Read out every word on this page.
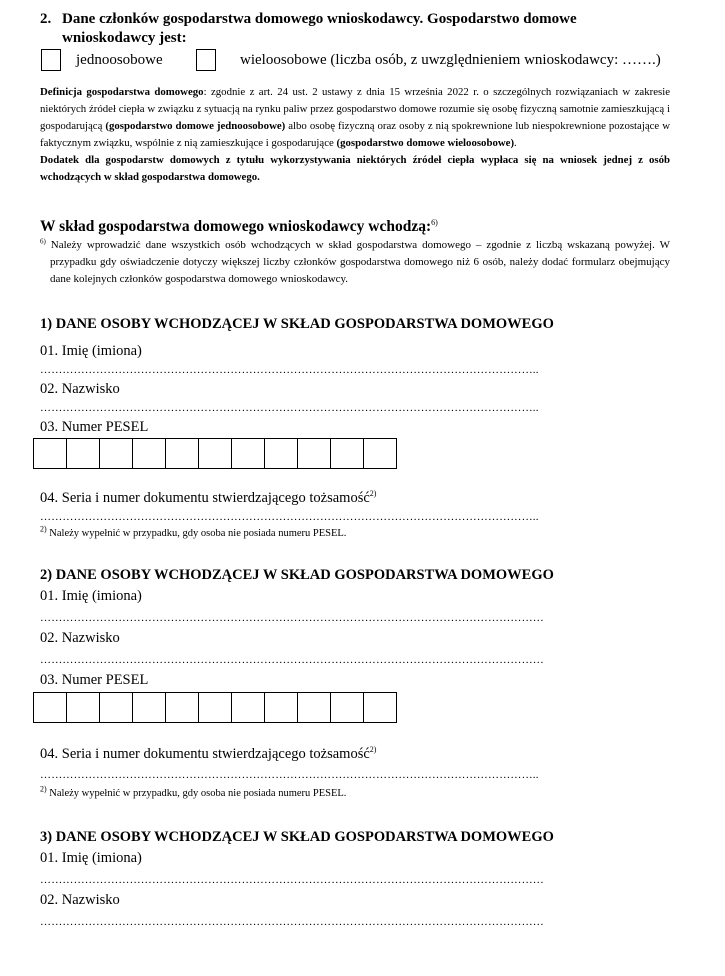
2. Dane członków gospodarstwa domowego wnioskodawcy. Gospodarstwo domowe
wnioskodawcy jest:
jednoosobowe	wieloosobowe (liczba osób, z uwzględnieniem wnioskodawcy: …….)
Definicja gospodarstwa domowego: zgodnie z art. 24 ust. 2 ustawy z dnia 15 września 2022 r. o szczególnych rozwiązaniach w zakresie niektórych źródeł ciepła w związku z sytuacją na rynku paliw przez gospodarstwo domowe rozumie się osobę fizyczną samotnie zamieszkującą i gospodarującą (gospodarstwo domowe jednoosobowe) albo osobę fizyczną oraz osoby z nią spokrewnione lub niespokrewnione pozostające w faktycznym związku, wspólnie z nią zamieszkujące i gospodarujące (gospodarstwo domowe wieloosobowe).
Dodatek dla gospodarstw domowych z tytułu wykorzystywania niektórych źródeł ciepła wypłaca się na wniosek jednej z osób wchodzących w skład gospodarstwa domowego.
W skład gospodarstwa domowego wnioskodawcy wchodzą:$^{6)}$
$^{6)}$ Należy wprowadzić dane wszystkich osób wchodzących w skład gospodarstwa domowego – zgodnie z liczbą wskazaną powyżej. W przypadku gdy oświadczenie dotyczy większej liczby członków gospodarstwa domowego niż 6 osób, należy dodać formularz obejmujący dane kolejnych członków gospodarstwa domowego wnioskodawcy.
1) DANE OSOBY WCHODZĄCEJ W SKŁAD GOSPODARSTWA DOMOWEGO
01. Imię (imiona)
……………………………………………………………………………………………………………………..
02. Nazwisko
……………………………………………………………………………………………………………………..
03. Numer PESEL
04. Seria i numer dokumentu stwierdzającego tożsamość$^{2)}$
……………………………………………………………………………………………………………………..
$^{2)}$ Należy wypełnić w przypadku, gdy osoba nie posiada numeru PESEL.
2) DANE OSOBY WCHODZĄCEJ W SKŁAD GOSPODARSTWA DOMOWEGO
01. Imię (imiona)
………………………………………………………………………………………………………………………
02. Nazwisko
………………………………………………………………………………………………………………………
03. Numer PESEL
04. Seria i numer dokumentu stwierdzającego tożsamość$^{2)}$
……………………………………………………………………………………………………………………..
$^{2)}$ Należy wypełnić w przypadku, gdy osoba nie posiada numeru PESEL.
3) DANE OSOBY WCHODZĄCEJ W SKŁAD GOSPODARSTWA DOMOWEGO
01. Imię (imiona)
………………………………………………………………………………………………………………………
02. Nazwisko
………………………………………………………………………………………………………………………
